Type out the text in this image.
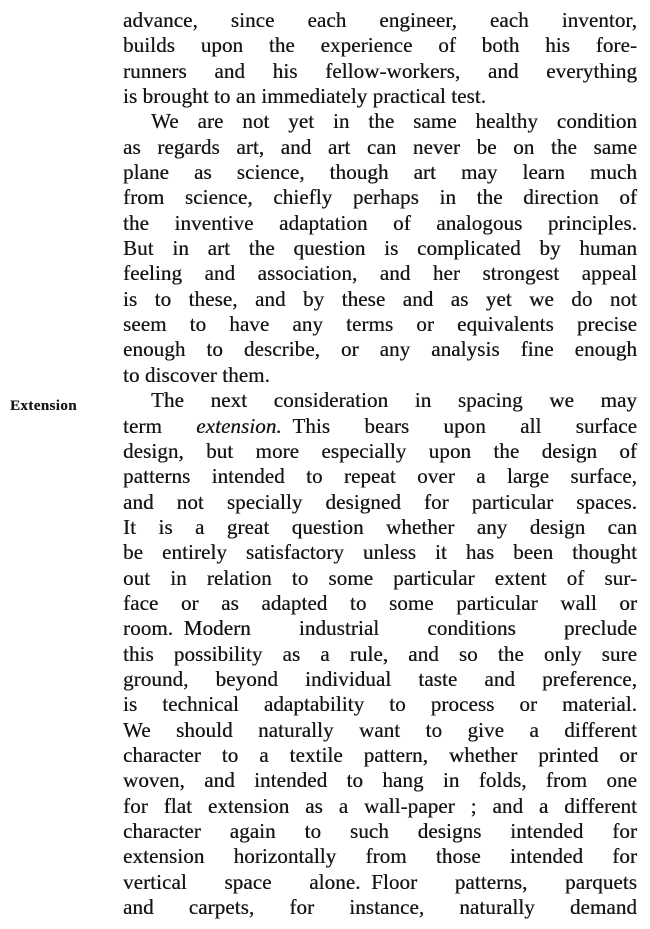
Extension
advance, since each engineer, each inventor,
builds upon the experience of both his fore-
runners and his fellow-workers, and everything
is brought to an immediately practical test.
We are not yet in the same healthy condition
as regards art, and art can never be on the same
plane as science, though art may learn much
from science, chiefly perhaps in the direction of
the inventive adaptation of analogous principles.
But in art the question is complicated by human
feeling and association, and her strongest appeal
is to these, and by these and as yet we do not
seem to have any terms or equivalents precise
enough to describe, or any analysis fine enough
to discover them.
The next consideration in spacing we may
term extension. This bears upon all surface
design, but more especially upon the design of
patterns intended to repeat over a large surface,
and not specially designed for particular spaces.
It is a great question whether any design can
be entirely satisfactory unless it has been thought
out in relation to some particular extent of sur-
face or as adapted to some particular wall or
room. Modern industrial conditions preclude
this possibility as a rule, and so the only sure
ground, beyond individual taste and preference,
is technical adaptability to process or material.
We should naturally want to give a different
character to a textile pattern, whether printed or
woven, and intended to hang in folds, from one
for flat extension as a wall-paper ; and a different
character again to such designs intended for
extension horizontally from those intended for
vertical space alone. Floor patterns, parquets
and carpets, for instance, naturally demand
